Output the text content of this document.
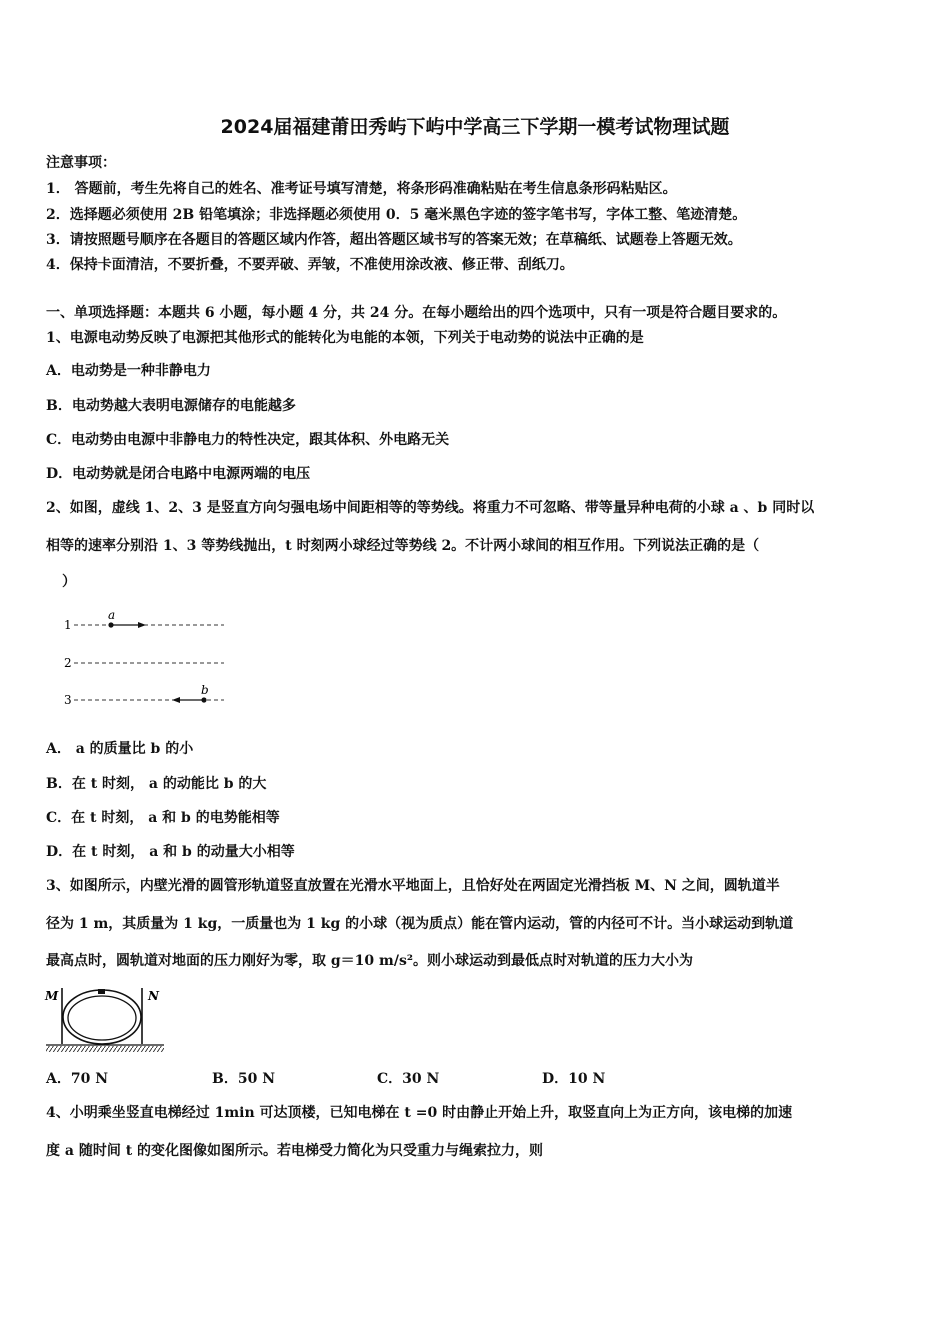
2024届福建莆田秀屿下屿中学高三下学期一模考试物理试题
注意事项：
1． 答题前，考生先将自己的姓名、准考证号填写清楚，将条形码准确粘贴在考生信息条形码粘贴区。
2．选择题必须使用 2B 铅笔填涂；非选择题必须使用 0．5 毫米黑色字迹的签字笔书写，字体工整、笔迹清楚。
3．请按照题号顺序在各题目的答题区域内作答，超出答题区域书写的答案无效；在草稿纸、试题卷上答题无效。
4．保持卡面清洁，不要折叠，不要弄破、弄皱，不准使用涂改液、修正带、刮纸刀。
一、单项选择题：本题共 6 小题，每小题 4 分，共 24 分。在每小题给出的四个选项中，只有一项是符合题目要求的。
1、电源电动势反映了电源把其他形式的能转化为电能的本领，下列关于电动势的说法中正确的是
A．电动势是一种非静电力
B．电动势越大表明电源储存的电能越多
C．电动势由电源中非静电力的特性决定，跟其体积、外电路无关
D．电动势就是闭合电路中电源两端的电压
2、如图，虚线 1、2、3 是竖直方向匀强电场中间距相等的等势线。将重力不可忽略、带等量异种电荷的小球 a 、b 同时以
相等的速率分别沿 1、3 等势线抛出，t 时刻两小球经过等势线 2。不计两小球间的相互作用。下列说法正确的是（
）
1
a
2
3
b
A． a 的质量比 b 的小
B．在 t 时刻， a 的动能比 b 的大
C．在 t 时刻， a 和 b 的电势能相等
D．在 t 时刻， a 和 b 的动量大小相等
3、如图所示，内壁光滑的圆管形轨道竖直放置在光滑水平地面上，且恰好处在两固定光滑挡板 M、N 之间，圆轨道半
径为 1 m，其质量为 1 kg，一质量也为 1 kg 的小球（视为质点）能在管内运动，管的内径可不计。当小球运动到轨道
最高点时，圆轨道对地面的压力刚好为零，取 g＝10 m/s²。则小球运动到最低点时对轨道的压力大小为
M	N
A．70 N	B．50 N	C．30 N	D．10 N
4、小明乘坐竖直电梯经过 1min 可达顶楼，已知电梯在 t =0 时由静止开始上升，取竖直向上为正方向，该电梯的加速
度 a 随时间 t 的变化图像如图所示。若电梯受力简化为只受重力与绳索拉力，则
